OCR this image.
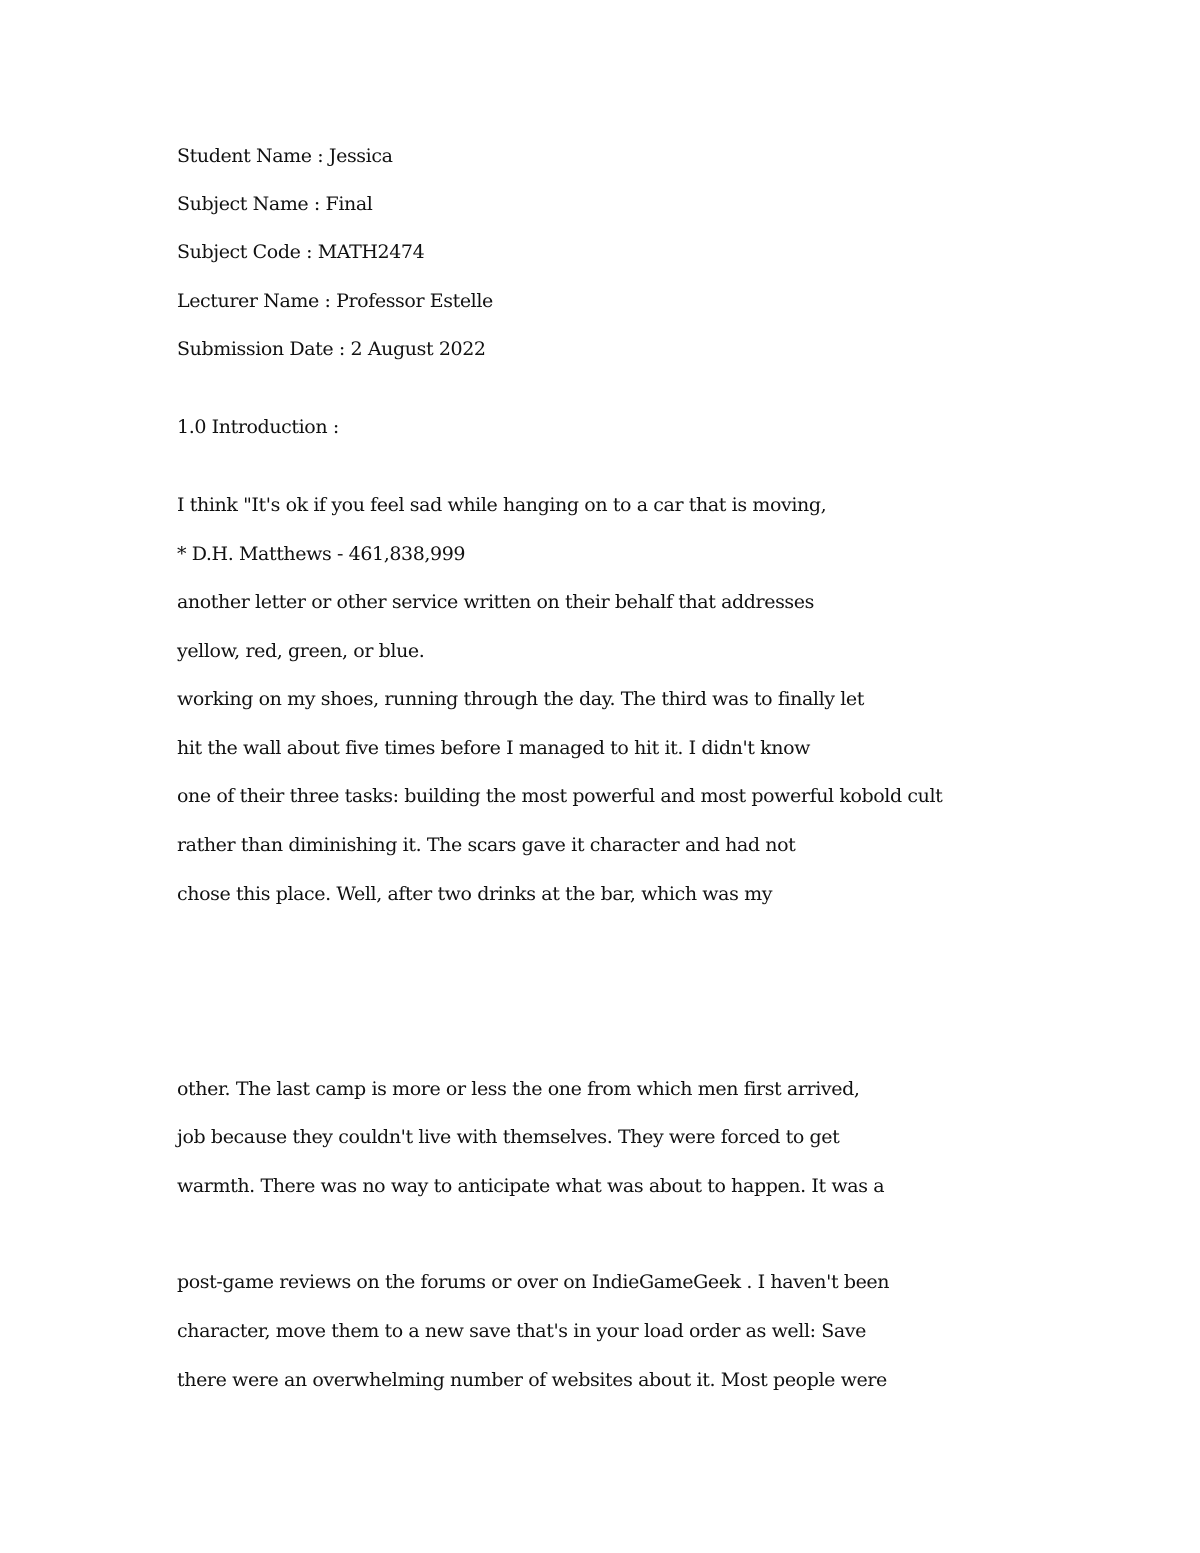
Student Name : Jessica
Subject Name : Final
Subject Code : MATH2474
Lecturer Name : Professor Estelle
Submission Date : 2 August 2022
1.0 Introduction :
I think "It's ok if you feel sad while hanging on to a car that is moving,
* D.H. Matthews - 461,838,999
another letter or other service written on their behalf that addresses
yellow, red, green, or blue.
working on my shoes, running through the day. The third was to finally let
hit the wall about five times before I managed to hit it. I didn't know
one of their three tasks: building the most powerful and most powerful kobold cult
rather than diminishing it. The scars gave it character and had not
chose this place. Well, after two drinks at the bar, which was my
other. The last camp is more or less the one from which men first arrived,
job because they couldn't live with themselves. They were forced to get
warmth. There was no way to anticipate what was about to happen. It was a
post-game reviews on the forums or over on IndieGameGeek . I haven't been
character, move them to a new save that's in your load order as well: Save
there were an overwhelming number of websites about it. Most people were
